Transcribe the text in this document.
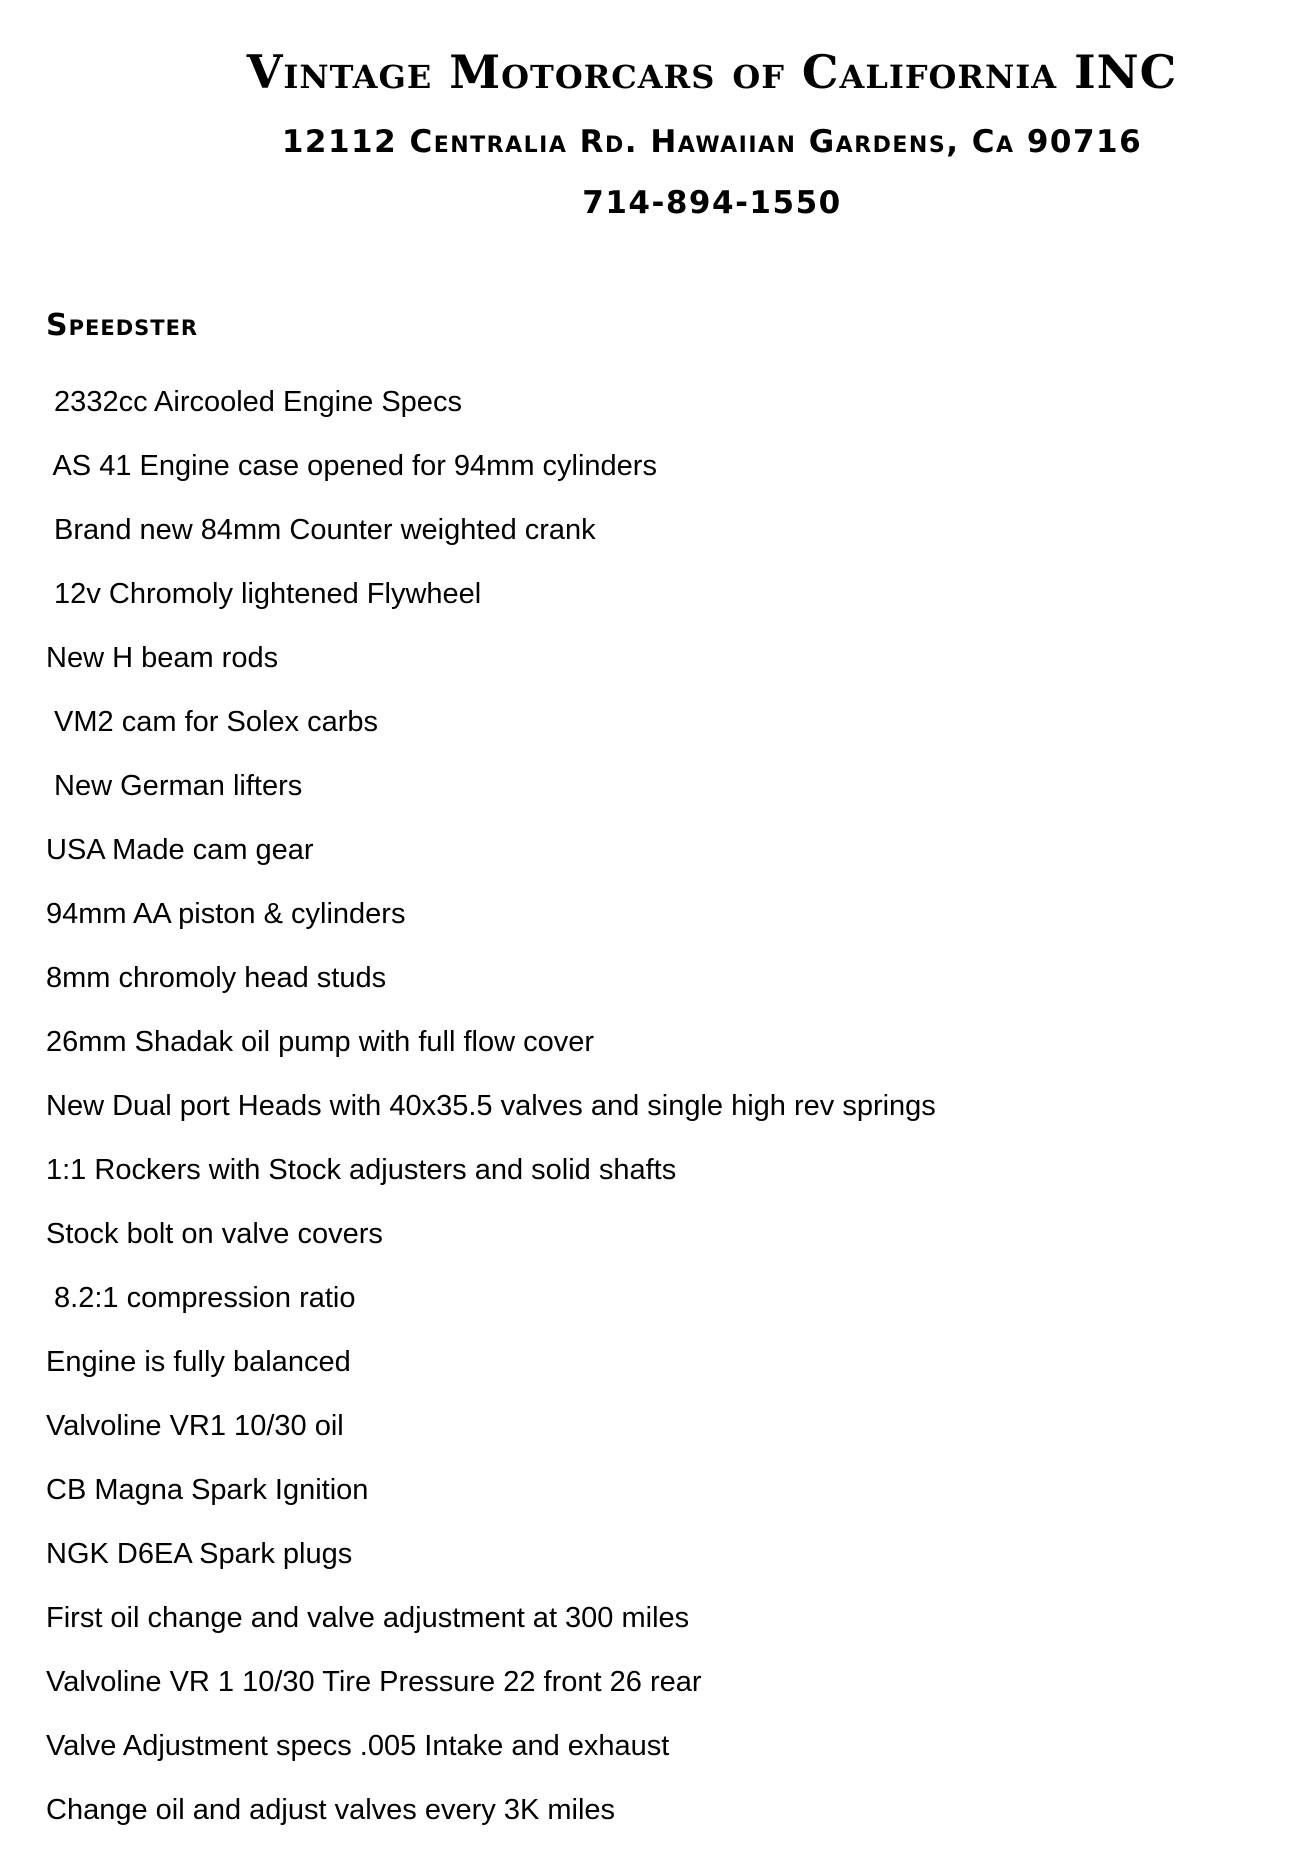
Vintage Motorcars of California INC
12112 Centralia Rd. Hawaiian Gardens, Ca 90716
714-894-1550
Speedster
2332cc Aircooled Engine Specs
AS 41 Engine case opened for 94mm cylinders
Brand new 84mm Counter weighted crank
12v Chromoly lightened Flywheel
New H beam rods
VM2 cam for Solex carbs
New German lifters
USA Made cam gear
94mm AA piston & cylinders
8mm chromoly head studs
26mm Shadak oil pump with full flow cover
New Dual port Heads with 40x35.5 valves and single high rev springs
1:1 Rockers with Stock adjusters and solid shafts
Stock bolt on valve covers
8.2:1 compression ratio
Engine is fully balanced
Valvoline VR1 10/30 oil
CB Magna Spark Ignition
NGK D6EA Spark plugs
First oil change and valve adjustment at 300 miles
Valvoline VR 1 10/30 Tire Pressure 22 front 26 rear
Valve Adjustment specs .005 Intake and exhaust
Change oil and adjust valves every 3K miles
